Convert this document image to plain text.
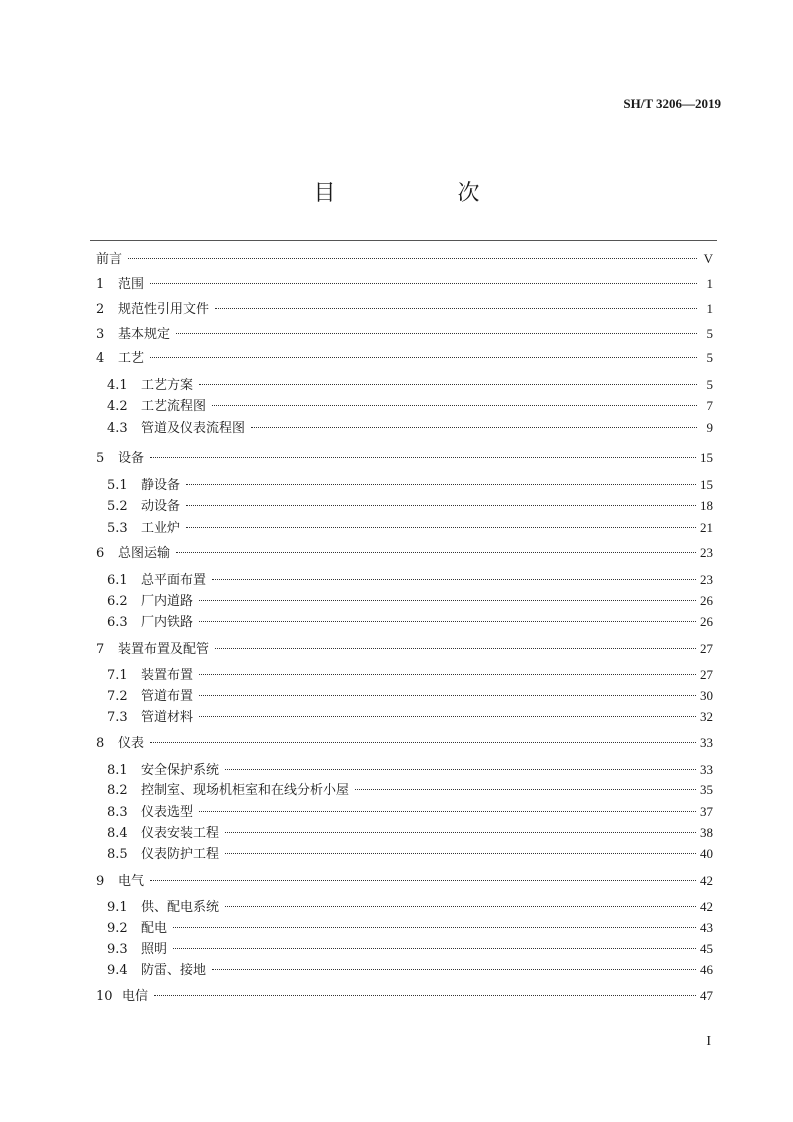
SH/T 3206—2019
目　次
前言	V
1	范围	1
2	规范性引用文件	1
3	基本规定	5
4	工艺	5
4.1	工艺方案	5
4.2	工艺流程图	7
4.3	管道及仪表流程图	9
5	设备	15
5.1	静设备	15
5.2	动设备	18
5.3	工业炉	21
6	总图运输	23
6.1	总平面布置	23
6.2	厂内道路	26
6.3	厂内铁路	26
7	装置布置及配管	27
7.1	装置布置	27
7.2	管道布置	30
7.3	管道材料	32
8	仪表	33
8.1	安全保护系统	33
8.2	控制室、现场机柜室和在线分析小屋	35
8.3	仪表选型	37
8.4	仪表安装工程	38
8.5	仪表防护工程	40
9	电气	42
9.1	供、配电系统	42
9.2	配电	43
9.3	照明	45
9.4	防雷、接地	46
10 电信	47
I
